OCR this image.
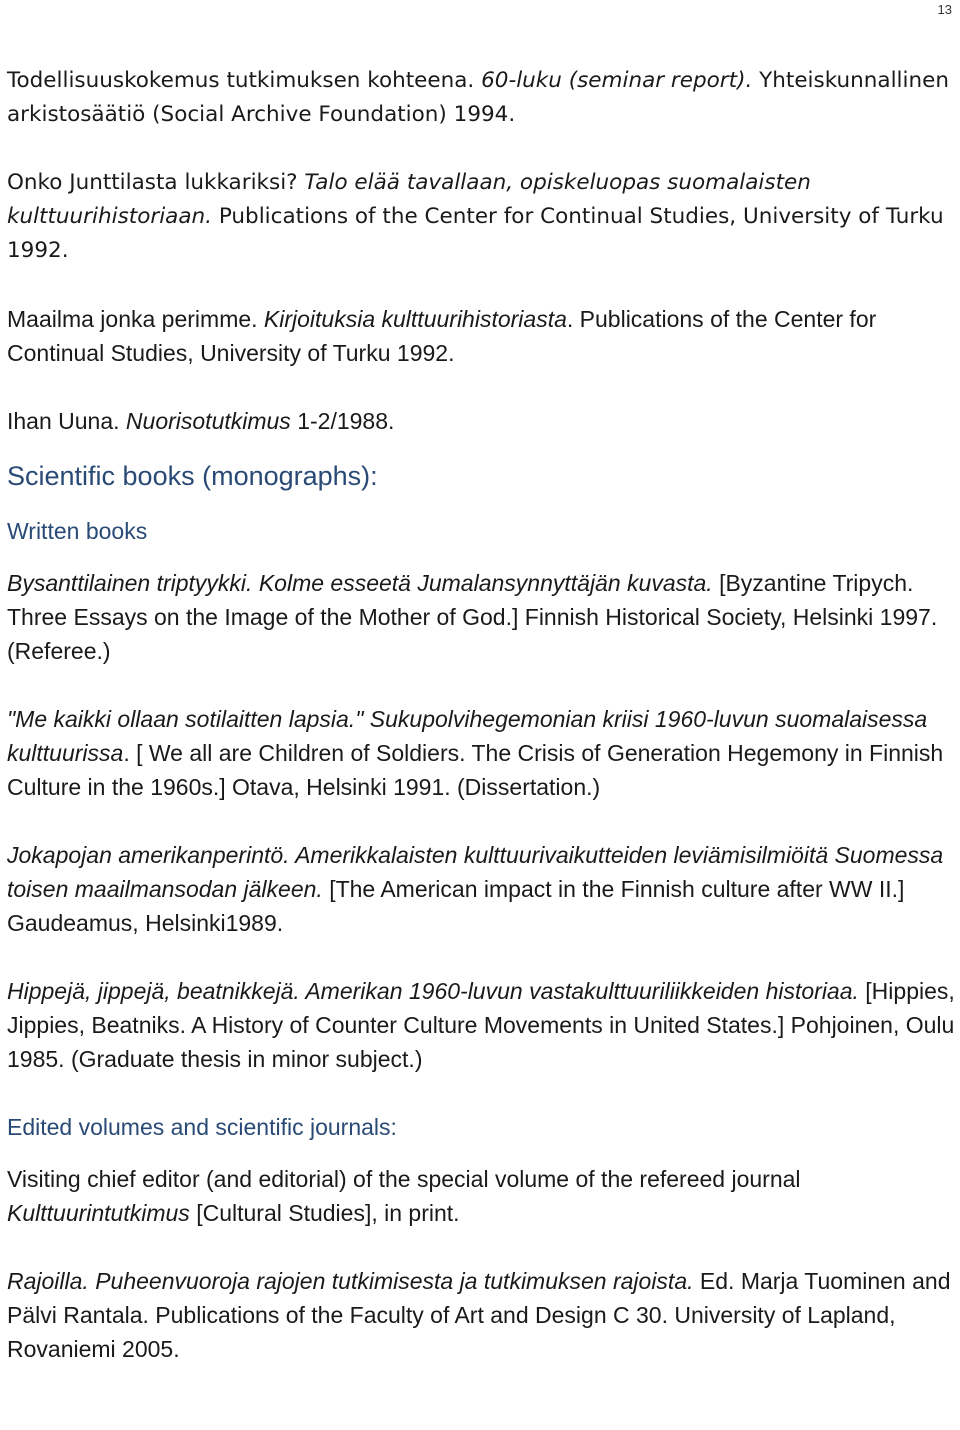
13

Todellisuuskokemus tutkimuksen kohteena. 60-luku (seminar report). Yhteiskunnallinen arkistosäätiö (Social Archive Foundation) 1994.

Onko Junttilasta lukkariksi? Talo elää tavallaan, opiskeluopas suomalaisten kulttuurihistoriaan. Publications of the Center for Continual Studies, University of Turku 1992.

Maailma jonka perimme. Kirjoituksia kulttuurihistoriasta. Publications of the Center for Continual Studies, University of Turku 1992.

Ihan Uuna. Nuorisotutkimus 1-2/1988.

Scientific books (monographs):
Written books

Bysanttilainen triptyykki. Kolme esseetä Jumalansynnyttäjän kuvasta. [Byzantine Tripych. Three Essays on the Image of the Mother of God.] Finnish Historical Society, Helsinki 1997. (Referee.)

"Me kaikki ollaan sotilaitten lapsia." Sukupolvihegemonian kriisi 1960-luvun suomalaisessa kulttuurissa. [ We all are Children of Soldiers. The Crisis of Generation Hegemony in Finnish Culture in the 1960s.] Otava, Helsinki 1991. (Dissertation.)

Jokapojan amerikanperintö. Amerikkalaisten kulttuurivaikutteiden leviämisilmiöitä Suomessa toisen maailmansodan jälkeen. [The American impact in the Finnish culture after WW II.] Gaudeamus, Helsinki1989.

Hippejä, jippejä, beatnikkejä. Amerikan 1960-luvun vastakulttuuriliikkeiden historiaa. [Hippies, Jippies, Beatniks. A History of Counter Culture Movements in United States.] Pohjoinen, Oulu 1985. (Graduate thesis in minor subject.)

Edited volumes and scientific journals:

Visiting chief editor (and editorial) of the special volume of the refereed journal Kulttuurintutkimus [Cultural Studies], in print.

Rajoilla. Puheenvuoroja rajojen tutkimisesta ja tutkimuksen rajoista. Ed. Marja Tuominen and Pälvi Rantala. Publications of the Faculty of Art and Design C 30. University of Lapland, Rovaniemi 2005.
